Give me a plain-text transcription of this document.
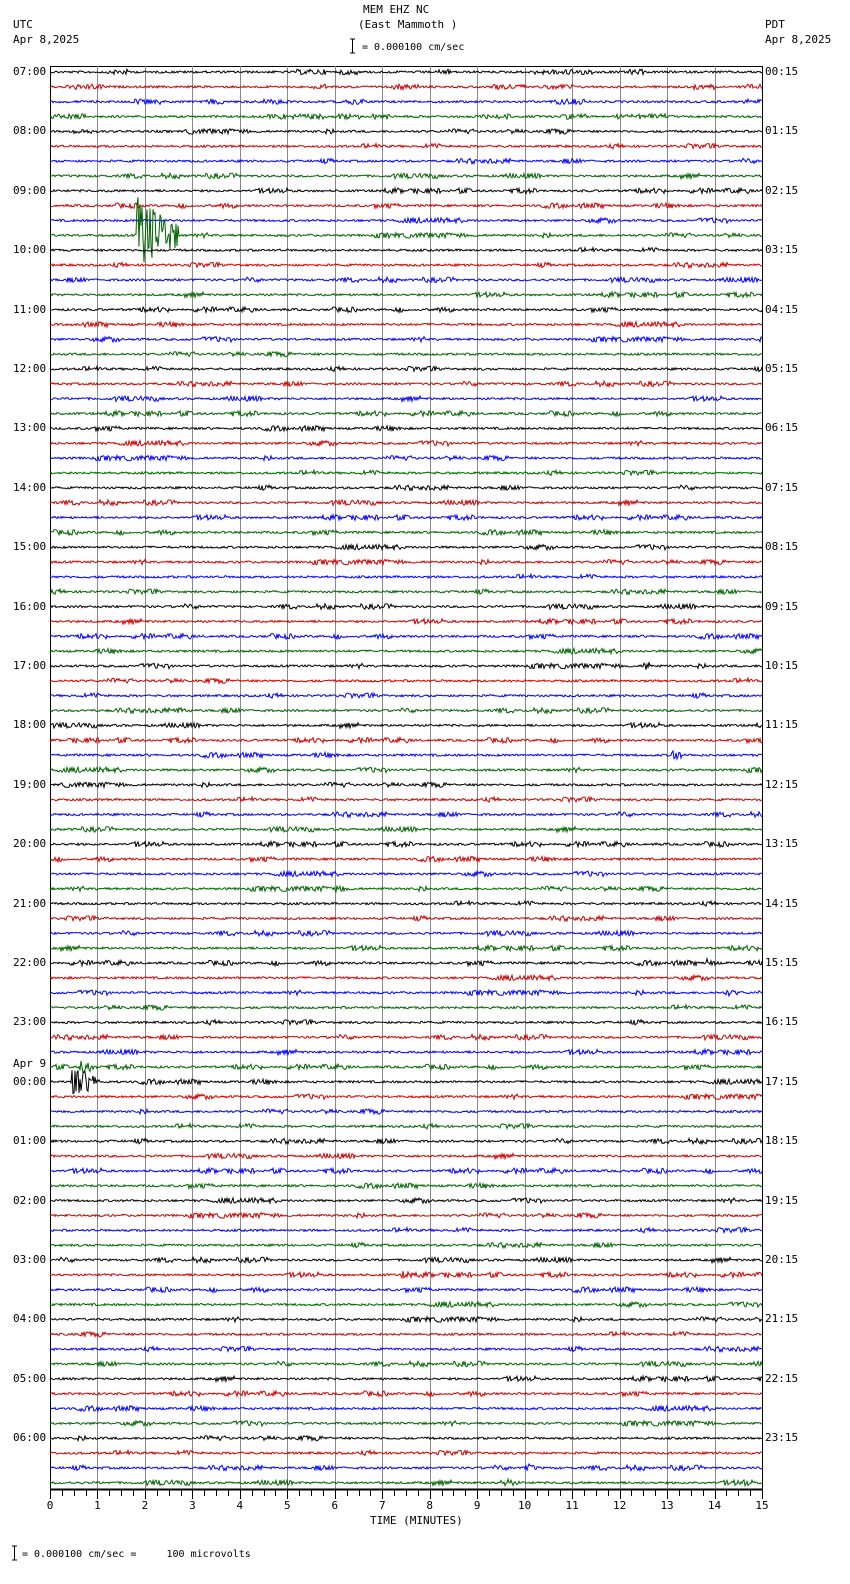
MEM EHZ NC
(East Mammoth )
UTC
Apr 8,2025
PDT
Apr 8,2025
= 0.000100 cm/sec
TIME (MINUTES)
= 0.000100 cm/sec =     100 microvolts
0	1	2	3	4	5	6	7	8	9	10	11	12	13	14	15
07:00
08:00
09:00
10:00
11:00
12:00
13:00
14:00
15:00
16:00
17:00
18:00
19:00
20:00
21:00
22:00
23:00
00:00
01:00
02:00
03:00
04:00
05:00
06:00
00:15
01:15
02:15
03:15
04:15
05:15
06:15
07:15
08:15
09:15
10:15
11:15
12:15
13:15
14:15
15:15
16:15
17:15
18:15
19:15
20:15
21:15
22:15
23:15
Apr 9
